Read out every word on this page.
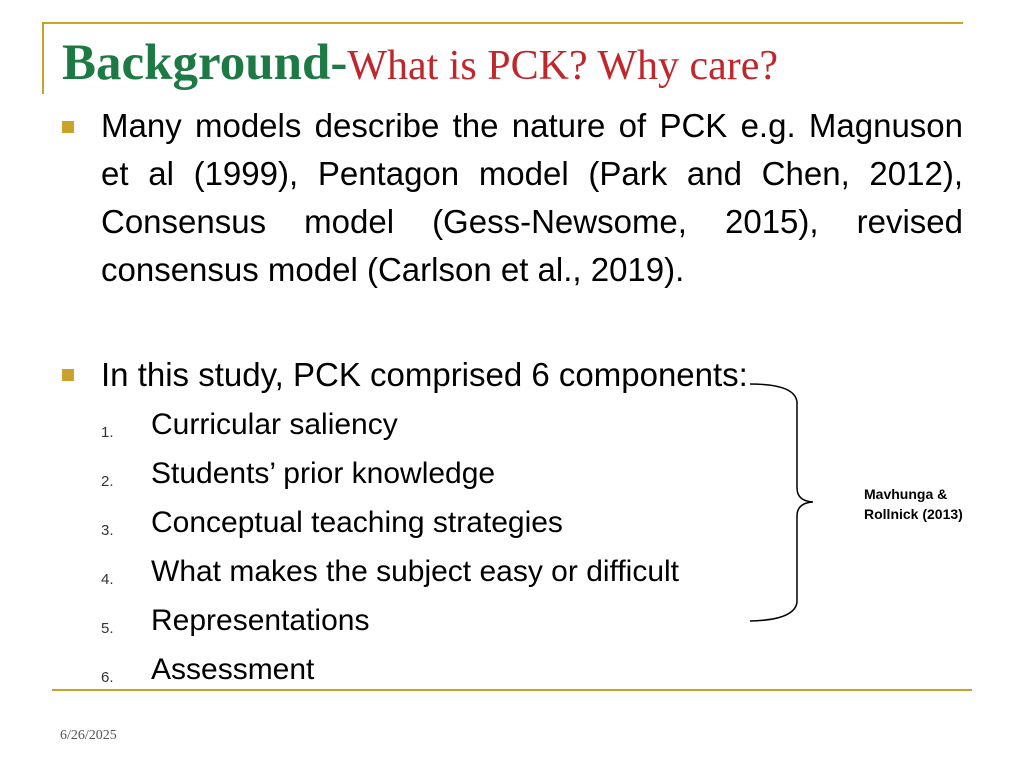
Background-What is PCK? Why care?
Many models describe the nature of PCK e.g. Magnuson et al (1999), Pentagon model (Park and Chen, 2012), Consensus model (Gess-Newsome, 2015), revised consensus model (Carlson et al., 2019).
In this study, PCK comprised 6 components:
1. Curricular saliency
2. Students’ prior knowledge
3. Conceptual teaching strategies
4. What makes the subject easy or difficult
5. Representations
6. Assessment
Mavhunga &
Rollnick (2013)
6/26/2025
